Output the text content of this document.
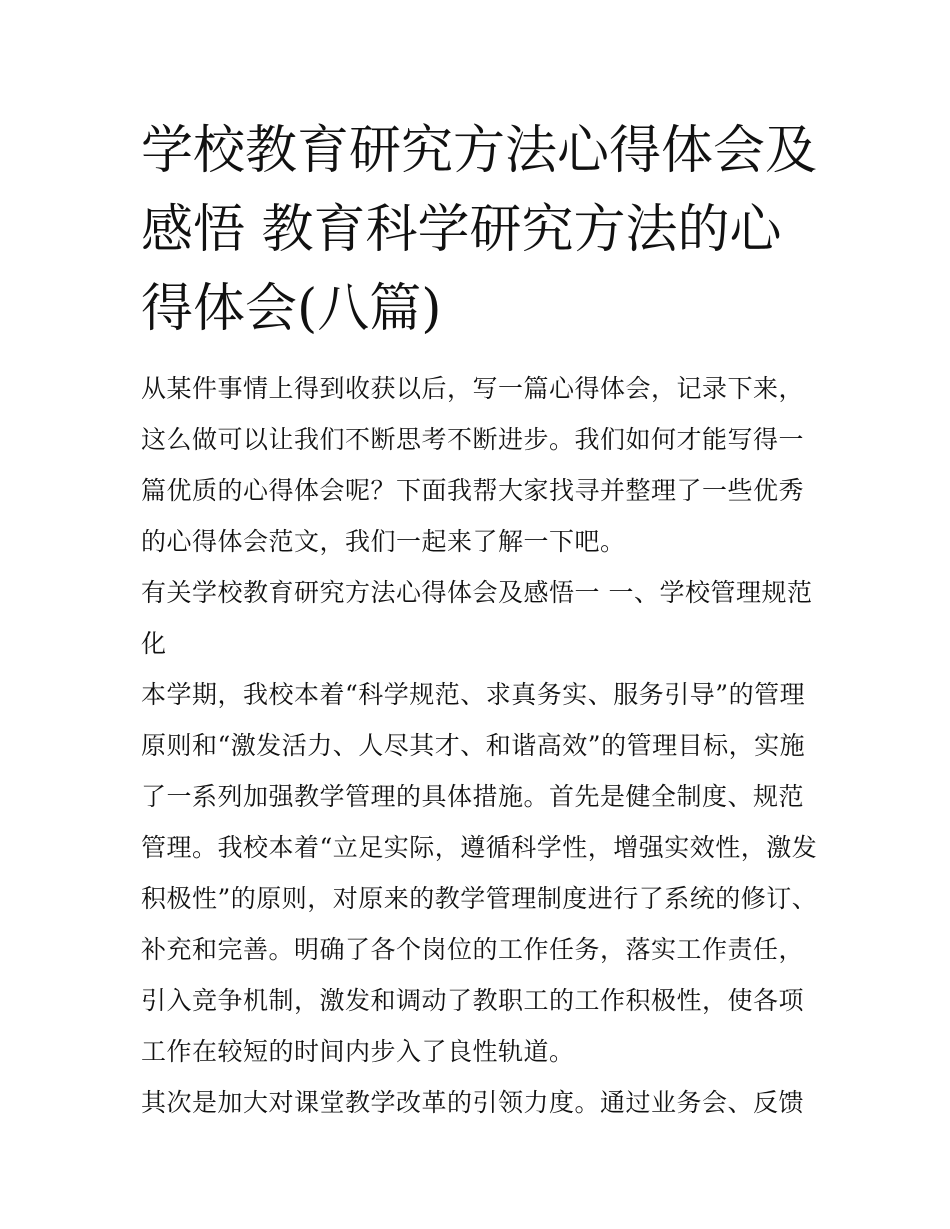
学校教育研究方法心得体会及感悟 教育科学研究方法的心得体会(八篇)

从某件事情上得到收获以后，写一篇心得体会，记录下来，这么做可以让我们不断思考不断进步。我们如何才能写得一篇优质的心得体会呢？下面我帮大家找寻并整理了一些优秀的心得体会范文，我们一起来了解一下吧。

有关学校教育研究方法心得体会及感悟一 一、学校管理规范化

本学期，我校本着“科学规范、求真务实、服务引导”的管理原则和“激发活力、人尽其才、和谐高效”的管理目标，实施了一系列加强教学管理的具体措施。首先是健全制度、规范管理。我校本着“立足实际，遵循科学性，增强实效性，激发积极性”的原则，对原来的教学管理制度进行了系统的修订、补充和完善。明确了各个岗位的工作任务，落实工作责任，引入竞争机制，激发和调动了教职工的工作积极性，使各项工作在较短的时间内步入了良性轨道。

其次是加大对课堂教学改革的引领力度。通过业务会、反馈
